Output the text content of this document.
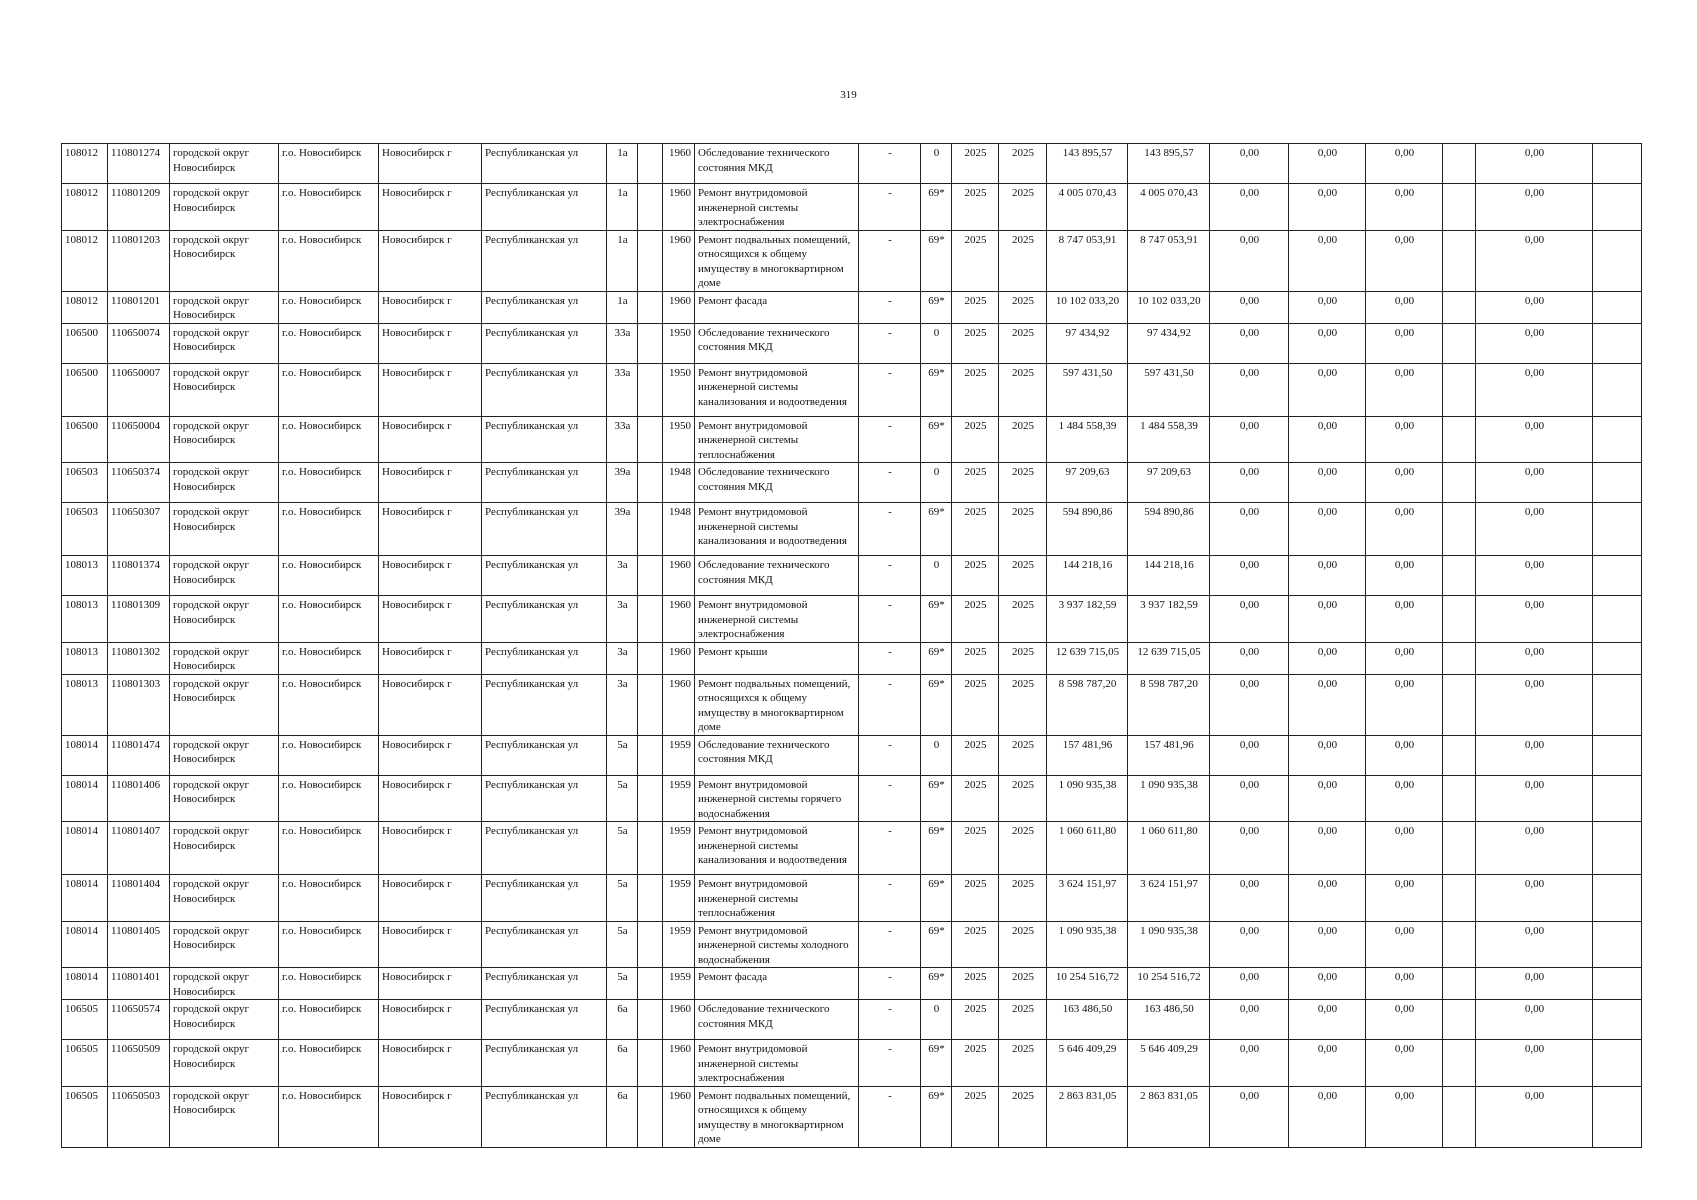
319
108012	110801274	городской округ Новосибирск	г.о. Новосибирск	Новосибирск г	Республиканская ул	1а		1960	Обследование технического состояния МКД	-	0	2025	2025	143 895,57	143 895,57	0,00	0,00	0,00		0,00	
108012	110801209	городской округ Новосибирск	г.о. Новосибирск	Новосибирск г	Республиканская ул	1а		1960	Ремонт внутридомовой инженерной системы электроснабжения	-	69*	2025	2025	4 005 070,43	4 005 070,43	0,00	0,00	0,00		0,00	
108012	110801203	городской округ Новосибирск	г.о. Новосибирск	Новосибирск г	Республиканская ул	1а		1960	Ремонт подвальных помещений, относящихся к общему имуществу в многоквартирном доме	-	69*	2025	2025	8 747 053,91	8 747 053,91	0,00	0,00	0,00		0,00	
108012	110801201	городской округ Новосибирск	г.о. Новосибирск	Новосибирск г	Республиканская ул	1а		1960	Ремонт фасада	-	69*	2025	2025	10 102 033,20	10 102 033,20	0,00	0,00	0,00		0,00	
106500	110650074	городской округ Новосибирск	г.о. Новосибирск	Новосибирск г	Республиканская ул	33а		1950	Обследование технического состояния МКД	-	0	2025	2025	97 434,92	97 434,92	0,00	0,00	0,00		0,00	
106500	110650007	городской округ Новосибирск	г.о. Новосибирск	Новосибирск г	Республиканская ул	33а		1950	Ремонт внутридомовой инженерной системы канализования и водоотведения	-	69*	2025	2025	597 431,50	597 431,50	0,00	0,00	0,00		0,00	
106500	110650004	городской округ Новосибирск	г.о. Новосибирск	Новосибирск г	Республиканская ул	33а		1950	Ремонт внутридомовой инженерной системы теплоснабжения	-	69*	2025	2025	1 484 558,39	1 484 558,39	0,00	0,00	0,00		0,00	
106503	110650374	городской округ Новосибирск	г.о. Новосибирск	Новосибирск г	Республиканская ул	39а		1948	Обследование технического состояния МКД	-	0	2025	2025	97 209,63	97 209,63	0,00	0,00	0,00		0,00	
106503	110650307	городской округ Новосибирск	г.о. Новосибирск	Новосибирск г	Республиканская ул	39а		1948	Ремонт внутридомовой инженерной системы канализования и водоотведения	-	69*	2025	2025	594 890,86	594 890,86	0,00	0,00	0,00		0,00	
108013	110801374	городской округ Новосибирск	г.о. Новосибирск	Новосибирск г	Республиканская ул	3а		1960	Обследование технического состояния МКД	-	0	2025	2025	144 218,16	144 218,16	0,00	0,00	0,00		0,00	
108013	110801309	городской округ Новосибирск	г.о. Новосибирск	Новосибирск г	Республиканская ул	3а		1960	Ремонт внутридомовой инженерной системы электроснабжения	-	69*	2025	2025	3 937 182,59	3 937 182,59	0,00	0,00	0,00		0,00	
108013	110801302	городской округ Новосибирск	г.о. Новосибирск	Новосибирск г	Республиканская ул	3а		1960	Ремонт крыши	-	69*	2025	2025	12 639 715,05	12 639 715,05	0,00	0,00	0,00		0,00	
108013	110801303	городской округ Новосибирск	г.о. Новосибирск	Новосибирск г	Республиканская ул	3а		1960	Ремонт подвальных помещений, относящихся к общему имуществу в многоквартирном доме	-	69*	2025	2025	8 598 787,20	8 598 787,20	0,00	0,00	0,00		0,00	
108014	110801474	городской округ Новосибирск	г.о. Новосибирск	Новосибирск г	Республиканская ул	5а		1959	Обследование технического состояния МКД	-	0	2025	2025	157 481,96	157 481,96	0,00	0,00	0,00		0,00	
108014	110801406	городской округ Новосибирск	г.о. Новосибирск	Новосибирск г	Республиканская ул	5а		1959	Ремонт внутридомовой инженерной системы горячего водоснабжения	-	69*	2025	2025	1 090 935,38	1 090 935,38	0,00	0,00	0,00		0,00	
108014	110801407	городской округ Новосибирск	г.о. Новосибирск	Новосибирск г	Республиканская ул	5а		1959	Ремонт внутридомовой инженерной системы канализования и водоотведения	-	69*	2025	2025	1 060 611,80	1 060 611,80	0,00	0,00	0,00		0,00	
108014	110801404	городской округ Новосибирск	г.о. Новосибирск	Новосибирск г	Республиканская ул	5а		1959	Ремонт внутридомовой инженерной системы теплоснабжения	-	69*	2025	2025	3 624 151,97	3 624 151,97	0,00	0,00	0,00		0,00	
108014	110801405	городской округ Новосибирск	г.о. Новосибирск	Новосибирск г	Республиканская ул	5а		1959	Ремонт внутридомовой инженерной системы холодного водоснабжения	-	69*	2025	2025	1 090 935,38	1 090 935,38	0,00	0,00	0,00		0,00	
108014	110801401	городской округ Новосибирск	г.о. Новосибирск	Новосибирск г	Республиканская ул	5а		1959	Ремонт фасада	-	69*	2025	2025	10 254 516,72	10 254 516,72	0,00	0,00	0,00		0,00	
106505	110650574	городской округ Новосибирск	г.о. Новосибирск	Новосибирск г	Республиканская ул	6а		1960	Обследование технического состояния МКД	-	0	2025	2025	163 486,50	163 486,50	0,00	0,00	0,00		0,00	
106505	110650509	городской округ Новосибирск	г.о. Новосибирск	Новосибирск г	Республиканская ул	6а		1960	Ремонт внутридомовой инженерной системы электроснабжения	-	69*	2025	2025	5 646 409,29	5 646 409,29	0,00	0,00	0,00		0,00	
106505	110650503	городской округ Новосибирск	г.о. Новосибирск	Новосибирск г	Республиканская ул	6а		1960	Ремонт подвальных помещений, относящихся к общему имуществу в многоквартирном доме	-	69*	2025	2025	2 863 831,05	2 863 831,05	0,00	0,00	0,00		0,00	
